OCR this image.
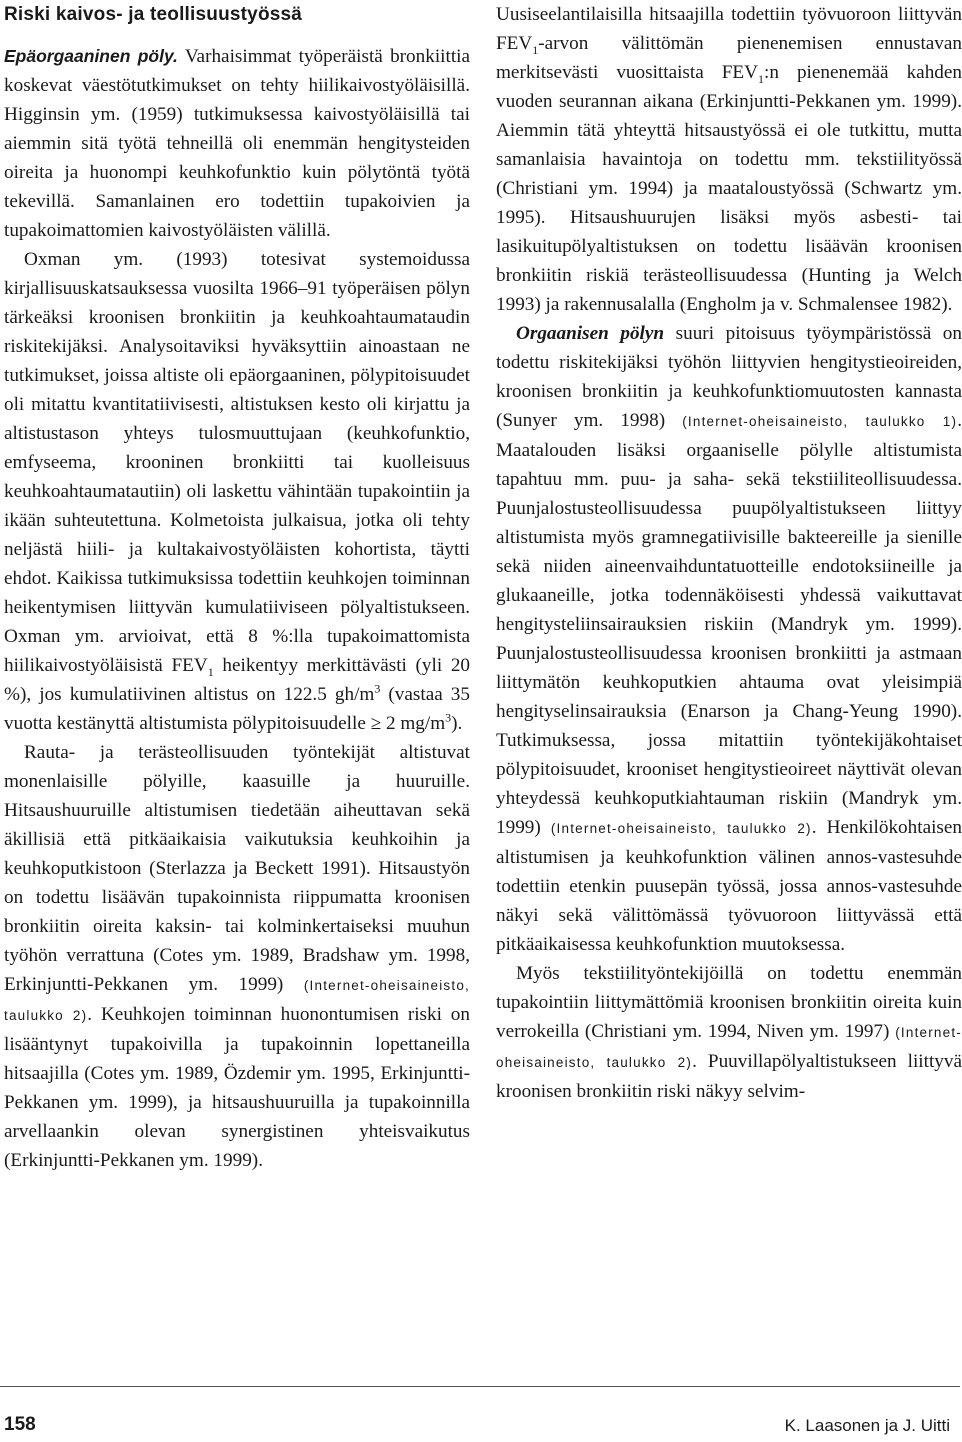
Riski kaivos- ja teollisuustyössä

Epäorgaaninen pöly. Varhaisimmat työperäistä bronkiittia koskevat väestötutkimukset on tehty hiilikaivostyöläisillä. Higginsin ym. (1959) tutkimuksessa kaivostyöläisillä tai aiemmin sitä työtä tehneillä oli enemmän hengitysteiden oireita ja huonompi keuhkofunktio kuin pölytöntä työtä tekevillä. Samanlainen ero todettiin tupakoivien ja tupakoimattomien kaivostyöläisten välillä.

Oxman ym. (1993) totesivat systemoidussa kirjallisuuskatsauksessa vuosilta 1966–91 työperäisen pölyn tärkeäksi kroonisen bronkiitin ja keuhkoahtaumataudin riskitekijäksi. Analysoitaviksi hyväksyttiin ainoastaan ne tutkimukset, joissa altiste oli epäorgaaninen, pölypitoisuudet oli mitattu kvantitatiivisesti, altistuksen kesto oli kirjattu ja altistustason yhteys tulosmuuttujaan (keuhkofunktio, emfyseema, krooninen bronkiitti tai kuolleisuus keuhkoahtaumatautiin) oli laskettu vähintään tupakointiin ja ikään suhteutettuna. Kolmetoista julkaisua, jotka oli tehty neljästä hiili- ja kultakaivostyöläisten kohortista, täytti ehdot. Kaikissa tutkimuksissa todettiin keuhkojen toiminnan heikentymisen liittyvän kumulatiiviseen pölyaltistukseen. Oxman ym. arvioivat, että 8 %:lla tupakoimattomista hiilikaivostyöläisistä $FEV_1$ heikentyy merkittävästi (yli 20 %), jos kumulatiivinen altistus on 122.5 $gh/m^3$ (vastaa 35 vuotta kestänyttä altistumista pölypitoisuudelle ≥ 2 $mg/m^3$).

Rauta- ja terästeollisuuden työntekijät altistuvat monenlaisille pölyille, kaasuille ja huuruille. Hitsaushuuruille altistumisen tiedetään aiheuttavan sekä äkillisiä että pitkäaikaisia vaikutuksia keuhkoihin ja keuhkoputkistoon (Sterlazza ja Beckett 1991). Hitsaustyön on todettu lisäävän tupakoinnista riippumatta kroonisen bronkiitin oireita kaksin- tai kolminkertaiseksi muuhun työhön verrattuna (Cotes ym. 1989, Bradshaw ym. 1998, Erkinjuntti-Pekkanen ym. 1999) (Internet-oheisaineisto, taulukko 2). Keuhkojen toiminnan huonontumisen riski on lisääntynyt tupakoivilla ja tupakoinnin lopettaneilla hitsaajilla (Cotes ym. 1989, Özdemir ym. 1995, Erkinjuntti-Pekkanen ym. 1999), ja hitsaushuuruilla ja tupakoinnilla arvellaankin olevan synergistinen yhteisvaikutus (Erkinjuntti-Pekkanen ym. 1999).

Uusiseelantilaisilla hitsaajilla todettiin työvuoroon liittyvän $FEV_1$-arvon välittömän pienenemisen ennustavan merkitsevästi vuosittaista $FEV_1:n$ pienenemää kahden vuoden seurannan aikana (Erkinjuntti-Pekkanen ym. 1999). Aiemmin tätä yhteyttä hitsaustyössä ei ole tutkittu, mutta samanlaisia havaintoja on todettu mm. tekstiilityössä (Christiani ym. 1994) ja maataloustyössä (Schwartz ym. 1995). Hitsaushuurujen lisäksi myös asbesti- tai lasikuitupölyaltistuksen on todettu lisäävän kroonisen bronkiitin riskiä terästeollisuudessa (Hunting ja Welch 1993) ja rakennusalalla (Engholm ja v. Schmalensee 1982).

Orgaanisen pölyn suuri pitoisuus työympäristössä on todettu riskitekijäksi työhön liittyvien hengitystieoireiden, kroonisen bronkiitin ja keuhkofunktiomuutosten kannasta (Sunyer ym. 1998) (Internet-oheisaineisto, taulukko 1). Maatalouden lisäksi orgaaniselle pölylle altistumista tapahtuu mm. puu- ja saha- sekä tekstiiliteollisuudessa. Puunjalostusteollisuudessa puupölyaltistukseen liittyy altistumista myös gramnegatiivisille bakteereille ja sienille sekä niiden aineenvaihduntatuotteille endotoksiineille ja glukaaneille, jotka todennäköisesti yhdessä vaikuttavat hengitysteliinsairauksien riskiin (Mandryk ym. 1999). Puunjalostusteollisuudessa kroonisen bronkiitti ja astmaan liittymätön keuhkoputkien ahtauma ovat yleisimpiä hengityselinsairauksia (Enarson ja Chang-Yeung 1990). Tutkimuksessa, jossa mitattiin työntekijäkohtaiset pölypitoisuudet, krooniset hengitystieoireet näyttivät olevan yhteydessä keuhkoputkiahtauman riskiin (Mandryk ym. 1999) (Internet-oheisaineisto, taulukko 2). Henkilökohtaisen altistumisen ja keuhkofunktion välinen annos-vastesuhde todettiin etenkin puusepän työssä, jossa annos-vastesuhde näkyi sekä välittömässä työvuoroon liittyvässä että pitkäaikaisessa keuhkofunktion muutoksessa.

Myös tekstiilityöntekijöillä on todettu enemmän tupakointiin liittymättömiä kroonisen bronkiitin oireita kuin verrokeilla (Christiani ym. 1994, Niven ym. 1997) (Internet-oheisaineisto, taulukko 2). Puuvillapölyaltistukseen liittyvä kroonisen bronkiitin riski näkyy selvim-

158	K. Laasonen ja J. Uitti
